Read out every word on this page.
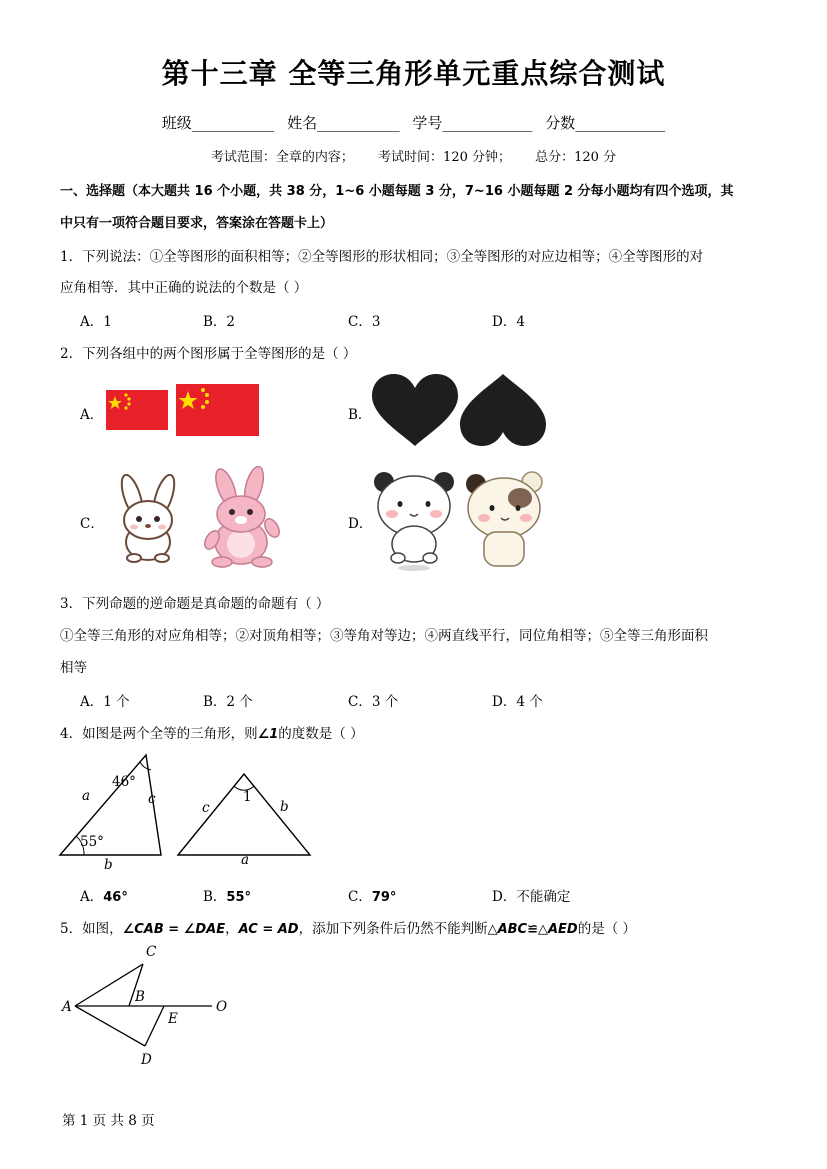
第十三章 全等三角形单元重点综合测试
班级___________ 姓名___________ 学号____________ 分数____________
考试范围：全章的内容； 考试时间：120 分钟； 总分：120 分
一、选择题（本大题共 16 个小题，共 38 分，1~6 小题每题 3 分，7~16 小题每题 2 分每小题均有四个选项，其
中只有一项符合题目要求，答案涂在答题卡上）
1．下列说法：①全等图形的面积相等；②全等图形的形状相同；③全等图形的对应边相等；④全等图形的对
应角相等．其中正确的说法的个数是（ ）
A．1	B．2	C．3	D．4
2．下列各组中的两个图形属于全等图形的是（ ）
A．	B．
C．	D．
3．下列命题的逆命题是真命题的命题有（ ）
①全等三角形的对应角相等；②对顶角相等；③等角对等边；④两直线平行，同位角相等；⑤全等三角形面积
相等
A．1 个	B．2 个	C．3 个	D．4 个
4．如图是两个全等的三角形，则∠1的度数是（ ）
a
46°
c
55°
b
c
1
b
a
A．46°	B．55°	C．79°	D．不能确定
5．如图，∠CAB = ∠DAE，AC = AD，添加下列条件后仍然不能判断△ABC≌△AED的是（ ）
C
A
B
O
E
D
第 1 页 共 8 页
